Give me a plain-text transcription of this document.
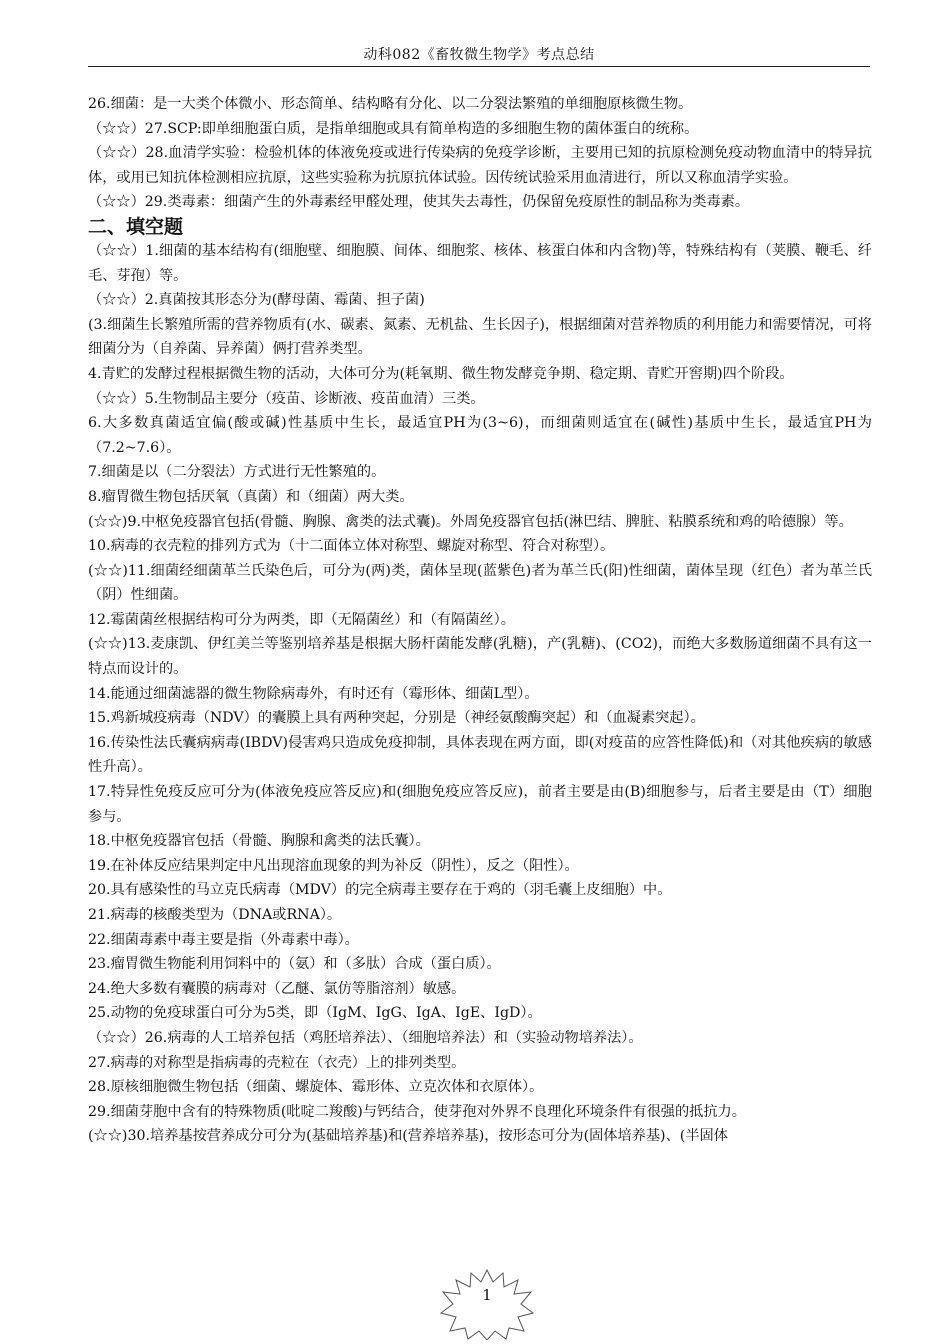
动科082《畜牧微生物学》考点总结

26.细菌：是一大类个体微小、形态简单、结构略有分化、以二分裂法繁殖的单细胞原核微生物。

（☆☆）27.SCP:即单细胞蛋白质，是指单细胞或具有简单构造的多细胞生物的菌体蛋白的统称。

（☆☆）28.血清学实验：检验机体的体液免疫或进行传染病的免疫学诊断，主要用已知的抗原检测免疫动物血清中的特异抗体，或用已知抗体检测相应抗原，这些实验称为抗原抗体试验。因传统试验采用血清进行，所以又称血清学实验。

（☆☆）29.类毒素：细菌产生的外毒素经甲醛处理，使其失去毒性，仍保留免疫原性的制品称为类毒素。

二、填空题

（☆☆）1.细菌的基本结构有(细胞壁、细胞膜、间体、细胞浆、核体、核蛋白体和内含物)等，特殊结构有（荚膜、鞭毛、纤毛、芽孢）等。

（☆☆）2.真菌按其形态分为(酵母菌、霉菌、担子菌)

(3.细菌生长繁殖所需的营养物质有(水、碳素、氮素、无机盐、生长因子)，根据细菌对营养物质的利用能力和需要情况，可将细菌分为（自养菌、异养菌）俩打营养类型。

4.青贮的发酵过程根据微生物的活动，大体可分为(耗氧期、微生物发酵竞争期、稳定期、青贮开窖期)四个阶段。

（☆☆）5.生物制品主要分（疫苗、诊断液、疫苗血清）三类。

6.大多数真菌适宜偏(酸或碱)性基质中生长，最适宜PH为(3~6)，而细菌则适宜在(碱性)基质中生长，最适宜PH为（7.2~7.6）。

7.细菌是以（二分裂法）方式进行无性繁殖的。

8.瘤胃微生物包括厌氧（真菌）和（细菌）两大类。

(☆☆)9.中枢免疫器官包括(骨髓、胸腺、禽类的法式囊)。外周免疫器官包括(淋巴结、脾脏、粘膜系统和鸡的哈德腺）等。

10.病毒的衣壳粒的排列方式为（十二面体立体对称型、螺旋对称型、符合对称型）。

(☆☆)11.细菌经细菌革兰氏染色后，可分为(两)类，菌体呈现(蓝紫色)者为革兰氏(阳)性细菌，菌体呈现（红色）者为革兰氏（阴）性细菌。

12.霉菌菌丝根据结构可分为两类，即（无隔菌丝）和（有隔菌丝）。

(☆☆)13.麦康凯、伊红美兰等鉴别培养基是根据大肠杆菌能发酵(乳糖)，产(乳糖)、(CO2)，而绝大多数肠道细菌不具有这一特点而设计的。

14.能通过细菌滤器的微生物除病毒外，有时还有（霉形体、细菌L型）。

15.鸡新城疫病毒（NDV）的囊膜上具有两种突起，分别是（神经氨酸酶突起）和（血凝素突起）。

16.传染性法氏囊病病毒(IBDV)侵害鸡只造成免疫抑制，具体表现在两方面，即(对疫苗的应答性降低)和（对其他疾病的敏感性升高）。

17.特异性免疫反应可分为(体液免疫应答反应)和(细胞免疫应答反应)，前者主要是由(B)细胞参与，后者主要是由（T）细胞参与。

18.中枢免疫器官包括（骨髓、胸腺和禽类的法氏囊）。

19.在补体反应结果判定中凡出现溶血现象的判为补反（阴性），反之（阳性）。

20.具有感染性的马立克氏病毒（MDV）的完全病毒主要存在于鸡的（羽毛囊上皮细胞）中。

21.病毒的核酸类型为（DNA或RNA）。

22.细菌毒素中毒主要是指（外毒素中毒）。

23.瘤胃微生物能利用饲料中的（氨）和（多肽）合成（蛋白质）。

24.绝大多数有囊膜的病毒对（乙醚、氯仿等脂溶剂）敏感。

25.动物的免疫球蛋白可分为5类，即（IgM、IgG、IgA、IgE、IgD）。

（☆☆）26.病毒的人工培养包括（鸡胚培养法）、（细胞培养法）和（实验动物培养法）。

27.病毒的对称型是指病毒的壳粒在（衣壳）上的排列类型。

28.原核细胞微生物包括（细菌、螺旋体、霉形体、立克次体和衣原体）。

29.细菌芽胞中含有的特殊物质(吡啶二羧酸)与钙结合，使芽孢对外界不良理化环境条件有很强的抵抗力。

(☆☆)30.培养基按营养成分可分为(基础培养基)和(营养培养基)，按形态可分为(固体培养基)、(半固体

1
